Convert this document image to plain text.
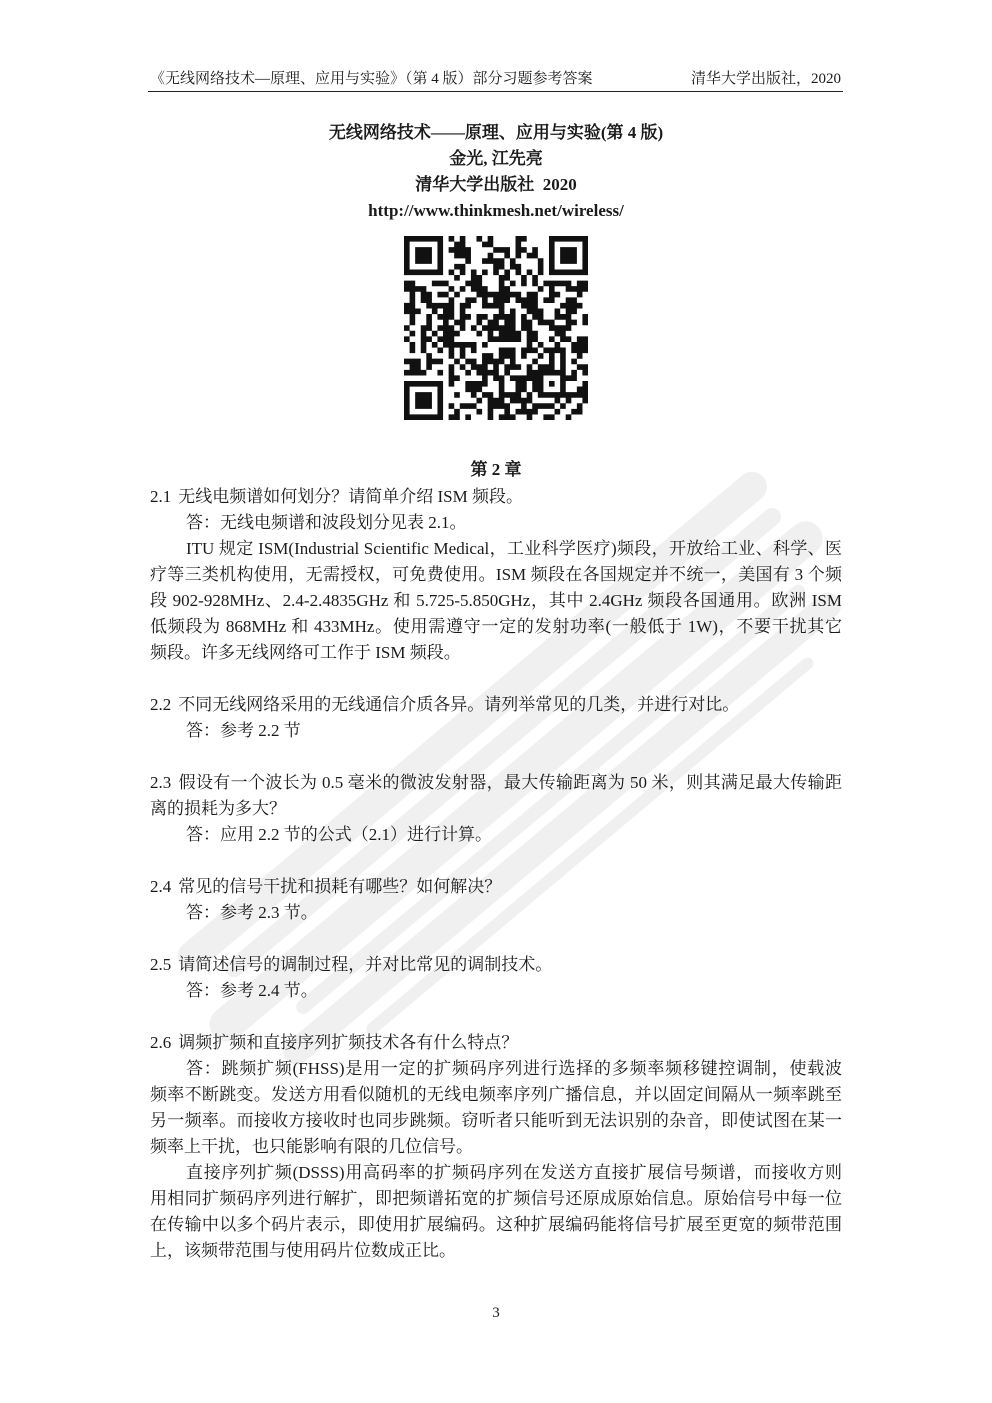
《无线网络技术—原理、应用与实验》（第 4 版）部分习题参考答案	清华大学出版社，2020
无线网络技术——原理、应用与实验(第 4 版)
金光, 江先亮
清华大学出版社  2020
http://www.thinkmesh.net/wireless/
第 2 章
2.1 无线电频谱如何划分？请简单介绍 ISM 频段。
答：无线电频谱和波段划分见表 2.1。
ITU 规定 ISM(Industrial Scientific Medical，工业科学医疗)频段，开放给工业、科学、医
疗等三类机构使用，无需授权，可免费使用。ISM 频段在各国规定并不统一，美国有 3 个频
段 902-928MHz、2.4-2.4835GHz 和 5.725-5.850GHz，其中 2.4GHz 频段各国通用。欧洲 ISM
低频段为 868MHz 和 433MHz。使用需遵守一定的发射功率(一般低于 1W)，不要干扰其它
频段。许多无线网络可工作于 ISM 频段。
2.2 不同无线网络采用的无线通信介质各异。请列举常见的几类，并进行对比。
答：参考 2.2 节
2.3 假设有一个波长为 0.5 毫米的微波发射器，最大传输距离为 50 米，则其满足最大传输距
离的损耗为多大？
答：应用 2.2 节的公式（2.1）进行计算。
2.4 常见的信号干扰和损耗有哪些？如何解决？
答：参考 2.3 节。
2.5 请简述信号的调制过程，并对比常见的调制技术。
答：参考 2.4 节。
2.6 调频扩频和直接序列扩频技术各有什么特点？
答：跳频扩频(FHSS)是用一定的扩频码序列进行选择的多频率频移键控调制，使载波
频率不断跳变。发送方用看似随机的无线电频率序列广播信息，并以固定间隔从一频率跳至
另一频率。而接收方接收时也同步跳频。窃听者只能听到无法识别的杂音，即使试图在某一
频率上干扰，也只能影响有限的几位信号。
直接序列扩频(DSSS)用高码率的扩频码序列在发送方直接扩展信号频谱，而接收方则
用相同扩频码序列进行解扩，即把频谱拓宽的扩频信号还原成原始信息。原始信号中每一位
在传输中以多个码片表示，即使用扩展编码。这种扩展编码能将信号扩展至更宽的频带范围
上，该频带范围与使用码片位数成正比。
3
